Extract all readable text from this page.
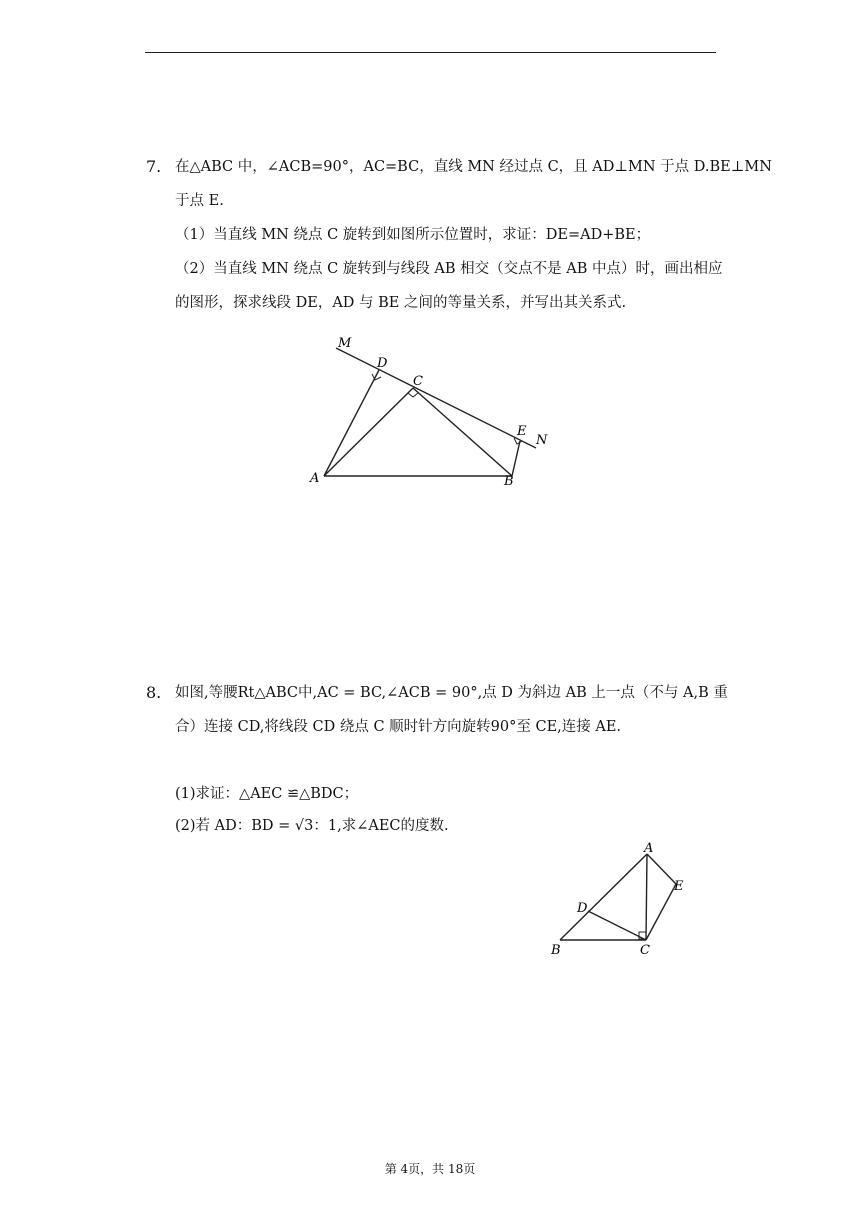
7. 在△ABC 中，∠ACB=90°，AC=BC，直线 MN 经过点 C，且 AD⊥MN 于点 D.BE⊥MN
于点 E.
（1）当直线 MN 绕点 C 旋转到如图所示位置时，求证：DE=AD+BE；
（2）当直线 MN 绕点 C 旋转到与线段 AB 相交（交点不是 AB 中点）时，画出相应
的图形，探求线段 DE，AD 与 BE 之间的等量关系，并写出其关系式.
M
D
C
E
N
A	B
8. 如图,等腰Rt△ABC中,AC = BC,∠ACB = 90°,点 D 为斜边 AB 上一点（不与 A,B 重
合）连接 CD,将线段 CD 绕点 C 顺时针方向旋转90°至 CE,连接 AE.
(1)求证：△AEC ≌△BDC；
(2)若 AD：BD = √3：1,求∠AEC的度数.
A
E
D
B	C
第 4页，共 18页
